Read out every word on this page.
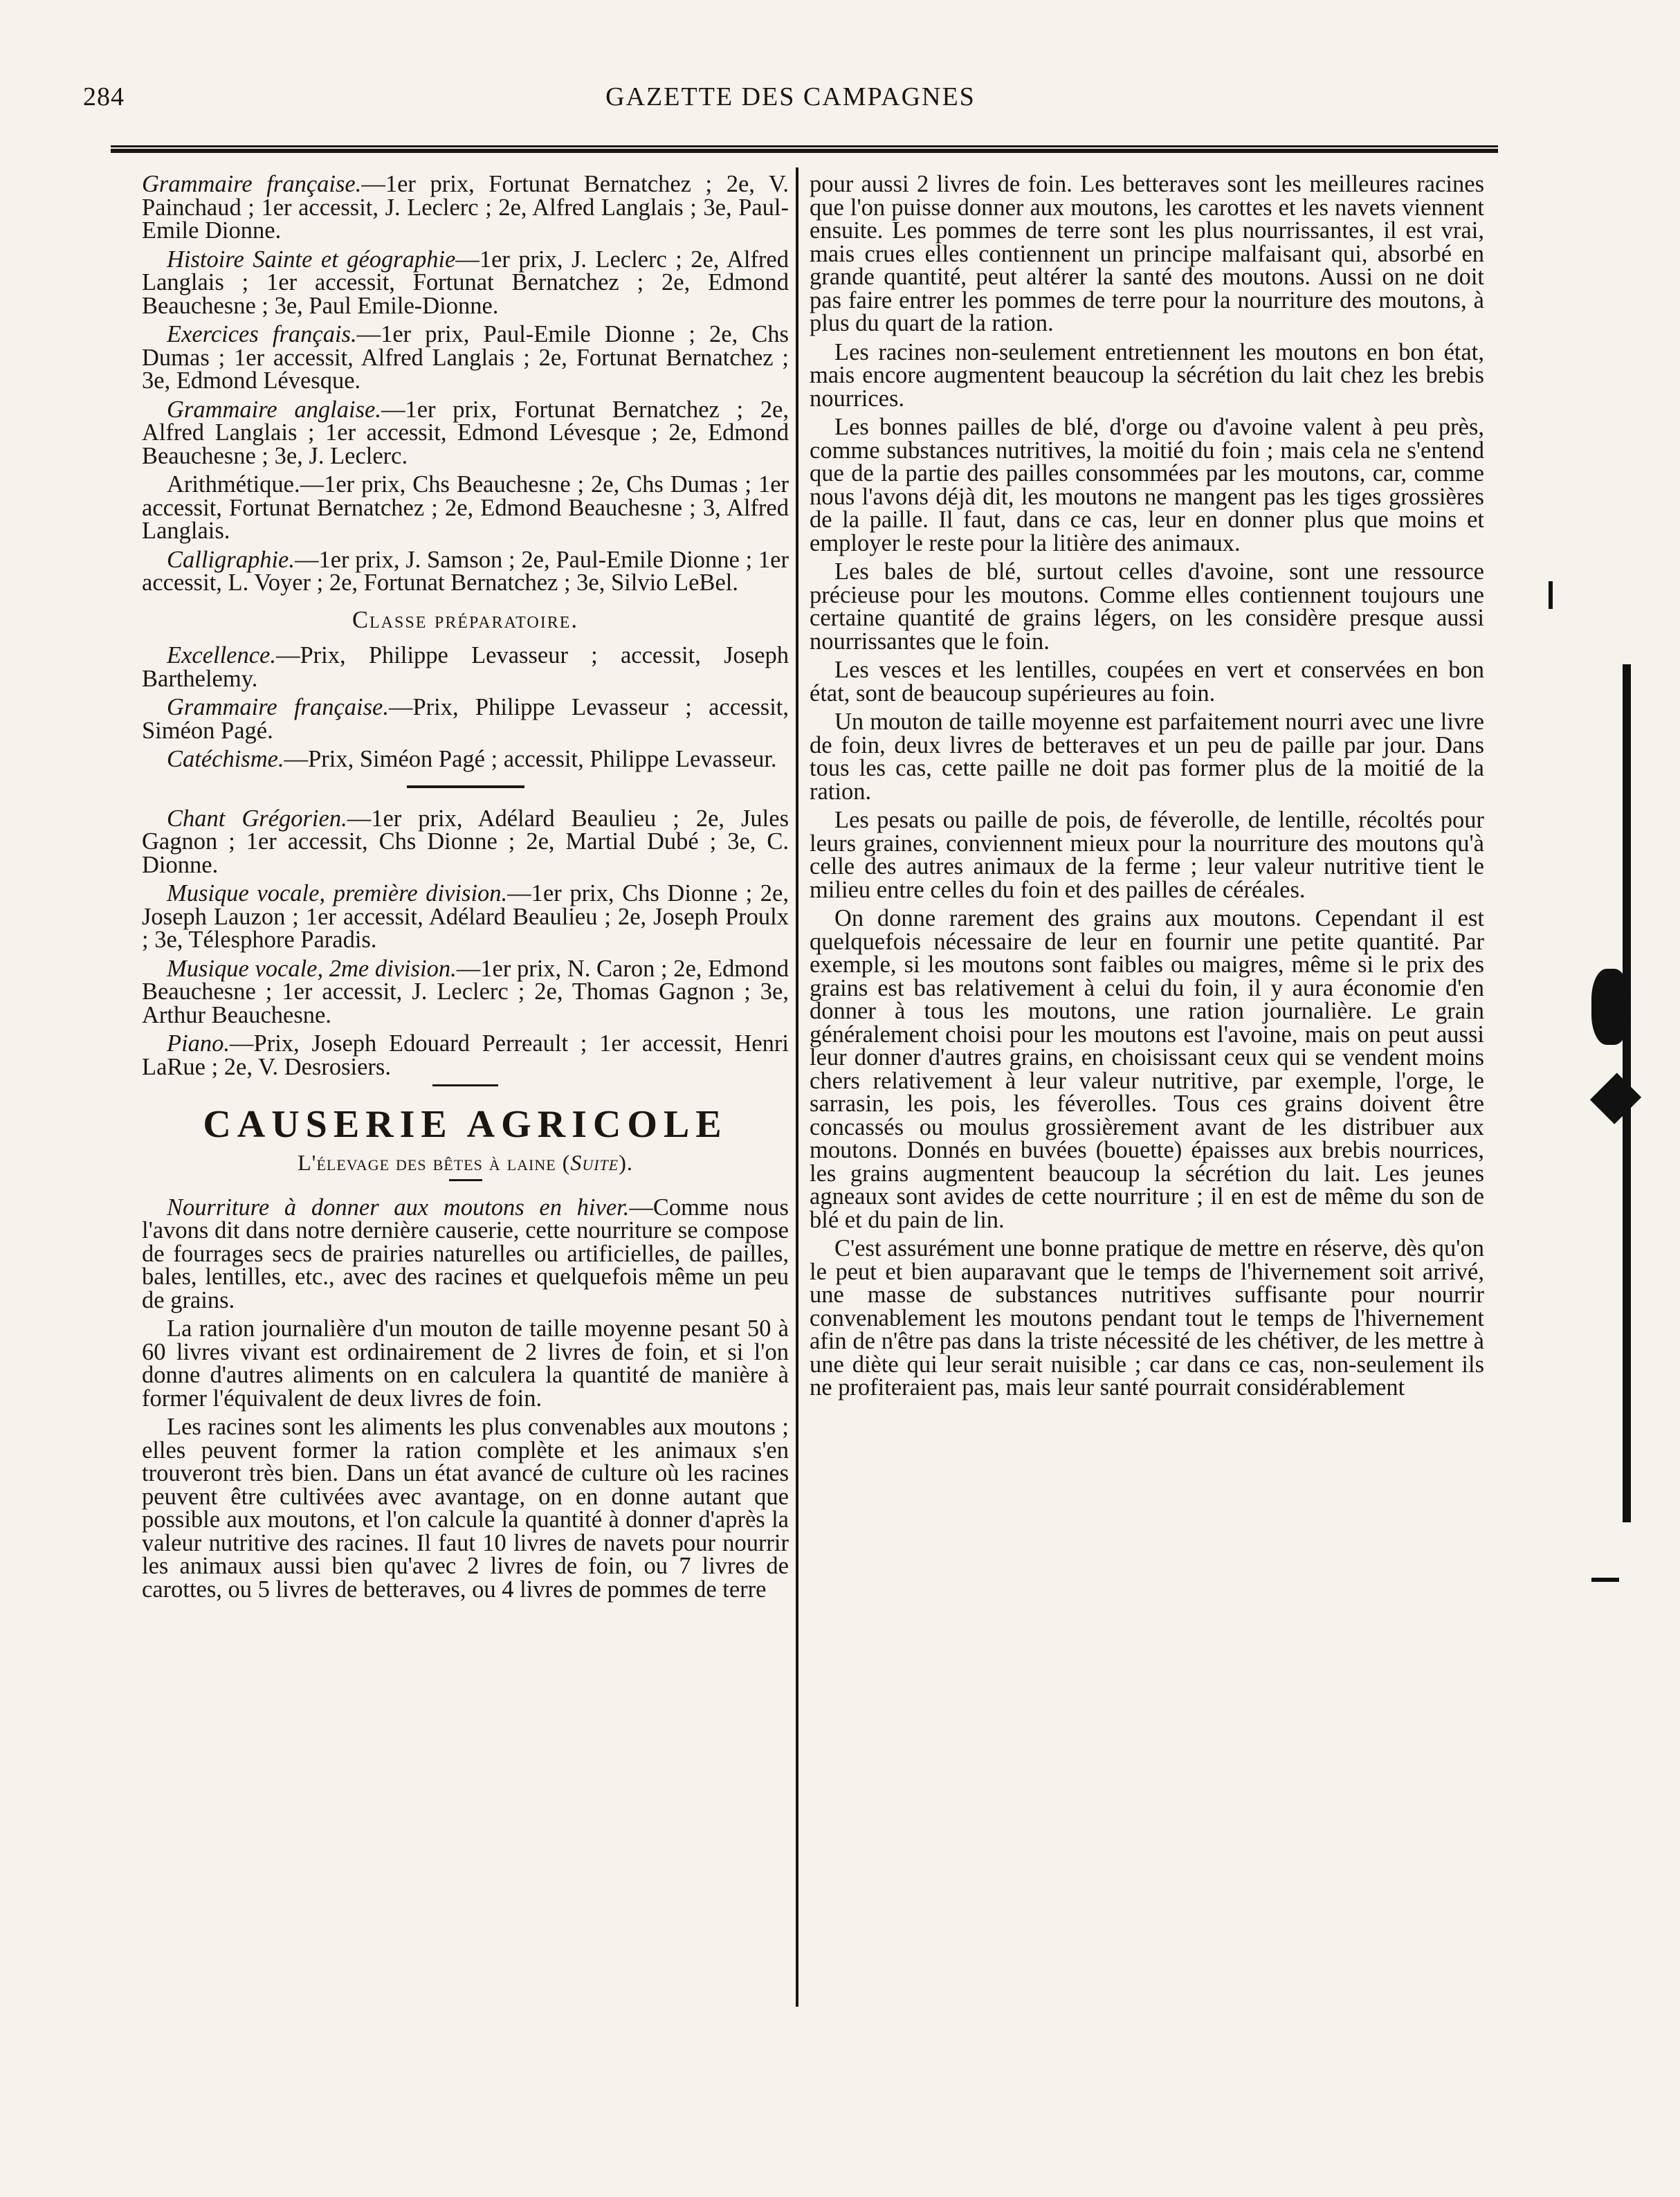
284	GAZETTE DES CAMPAGNES

Grammaire française.—1er prix, Fortunat Bernatchez ; 2e, V. Painchaud ; 1er accessit, J. Leclerc ; 2e, Alfred Langlais ; 3e, Paul-Emile Dionne.

Histoire Sainte et géographie—1er prix, J. Leclerc ; 2e, Alfred Langlais ; 1er accessit, Fortunat Bernatchez ; 2e, Edmond Beauchesne ; 3e, Paul Emile-Dionne.

Exercices français.—1er prix, Paul-Emile Dionne ; 2e, Chs Dumas ; 1er accessit, Alfred Langlais ; 2e, Fortunat Bernatchez ; 3e, Edmond Lévesque.

Grammaire anglaise.—1er prix, Fortunat Bernatchez ; 2e, Alfred Langlais ; 1er accessit, Edmond Lévesque ; 2e, Edmond Beauchesne ; 3e, J. Leclerc.

Arithmétique.—1er prix, Chs Beauchesne ; 2e, Chs Dumas ; 1er accessit, Fortunat Bernatchez ; 2e, Edmond Beauchesne ; 3, Alfred Langlais.

Calligraphie.—1er prix, J. Samson ; 2e, Paul-Emile Dionne ; 1er accessit, L. Voyer ; 2e, Fortunat Bernatchez ; 3e, Silvio LeBel.

Classe préparatoire.

Excellence.—Prix, Philippe Levasseur ; accessit, Joseph Barthelemy.

Grammaire française.—Prix, Philippe Levasseur ; accessit, Siméon Pagé.

Catéchisme.—Prix, Siméon Pagé ; accessit, Philippe Levasseur.

Chant Grégorien.—1er prix, Adélard Beaulieu ; 2e, Jules Gagnon ; 1er accessit, Chs Dionne ; 2e, Martial Dubé ; 3e, C. Dionne.

Musique vocale, première division.—1er prix, Chs Dionne ; 2e, Joseph Lauzon ; 1er accessit, Adélard Beaulieu ; 2e, Joseph Proulx ; 3e, Télesphore Paradis.

Musique vocale, 2me division.—1er prix, N. Caron ; 2e, Edmond Beauchesne ; 1er accessit, J. Leclerc ; 2e, Thomas Gagnon ; 3e, Arthur Beauchesne.

Piano.—Prix, Joseph Edouard Perreault ; 1er accessit, Henri LaRue ; 2e, V. Desrosiers.

CAUSERIE AGRICOLE
L'élevage des bêtes à laine (Suite).

Nourriture à donner aux moutons en hiver.—Comme nous l'avons dit dans notre dernière causerie, cette nourriture se compose de fourrages secs de prairies naturelles ou artificielles, de pailles, bales, lentilles, etc., avec des racines et quelquefois même un peu de grains.

La ration journalière d'un mouton de taille moyenne pesant 50 à 60 livres vivant est ordinairement de 2 livres de foin, et si l'on donne d'autres aliments on en calculera la quantité de manière à former l'équivalent de deux livres de foin.

Les racines sont les aliments les plus convenables aux moutons ; elles peuvent former la ration complète et les animaux s'en trouveront très bien. Dans un état avancé de culture où les racines peuvent être cultivées avec avantage, on en donne autant que possible aux moutons, et l'on calcule la quantité à donner d'après la valeur nutritive des racines. Il faut 10 livres de navets pour nourrir les animaux aussi bien qu'avec 2 livres de foin, ou 7 livres de carottes, ou 5 livres de betteraves, ou 4 livres de pommes de terre

pour aussi 2 livres de foin. Les betteraves sont les meilleures racines que l'on puisse donner aux moutons, les carottes et les navets viennent ensuite. Les pommes de terre sont les plus nourrissantes, il est vrai, mais crues elles contiennent un principe malfaisant qui, absorbé en grande quantité, peut altérer la santé des moutons. Aussi on ne doit pas faire entrer les pommes de terre pour la nourriture des moutons, à plus du quart de la ration.

Les racines non-seulement entretiennent les moutons en bon état, mais encore augmentent beaucoup la sécrétion du lait chez les brebis nourrices.

Les bonnes pailles de blé, d'orge ou d'avoine valent à peu près, comme substances nutritives, la moitié du foin ; mais cela ne s'entend que de la partie des pailles consommées par les moutons, car, comme nous l'avons déjà dit, les moutons ne mangent pas les tiges grossières de la paille. Il faut, dans ce cas, leur en donner plus que moins et employer le reste pour la litière des animaux.

Les bales de blé, surtout celles d'avoine, sont une ressource précieuse pour les moutons. Comme elles contiennent toujours une certaine quantité de grains légers, on les considère presque aussi nourrissantes que le foin.

Les vesces et les lentilles, coupées en vert et conservées en bon état, sont de beaucoup supérieures au foin.

Un mouton de taille moyenne est parfaitement nourri avec une livre de foin, deux livres de betteraves et un peu de paille par jour. Dans tous les cas, cette paille ne doit pas former plus de la moitié de la ration.

Les pesats ou paille de pois, de féverolle, de lentille, récoltés pour leurs graines, conviennent mieux pour la nourriture des moutons qu'à celle des autres animaux de la ferme ; leur valeur nutritive tient le milieu entre celles du foin et des pailles de céréales.

On donne rarement des grains aux moutons. Cependant il est quelquefois nécessaire de leur en fournir une petite quantité. Par exemple, si les moutons sont faibles ou maigres, même si le prix des grains est bas relativement à celui du foin, il y aura économie d'en donner à tous les moutons, une ration journalière. Le grain généralement choisi pour les moutons est l'avoine, mais on peut aussi leur donner d'autres grains, en choisissant ceux qui se vendent moins chers relativement à leur valeur nutritive, par exemple, l'orge, le sarrasin, les pois, les féverolles. Tous ces grains doivent être concassés ou moulus grossièrement avant de les distribuer aux moutons. Donnés en buvées (bouette) épaisses aux brebis nourrices, les grains augmentent beaucoup la sécrétion du lait. Les jeunes agneaux sont avides de cette nourriture ; il en est de même du son de blé et du pain de lin.

C'est assurément une bonne pratique de mettre en réserve, dès qu'on le peut et bien auparavant que le temps de l'hivernement soit arrivé, une masse de substances nutritives suffisante pour nourrir convenablement les moutons pendant tout le temps de l'hivernement afin de n'être pas dans la triste nécessité de les chétiver, de les mettre à une diète qui leur serait nuisible ; car dans ce cas, non-seulement ils ne profiteraient pas, mais leur santé pourrait considérablement
